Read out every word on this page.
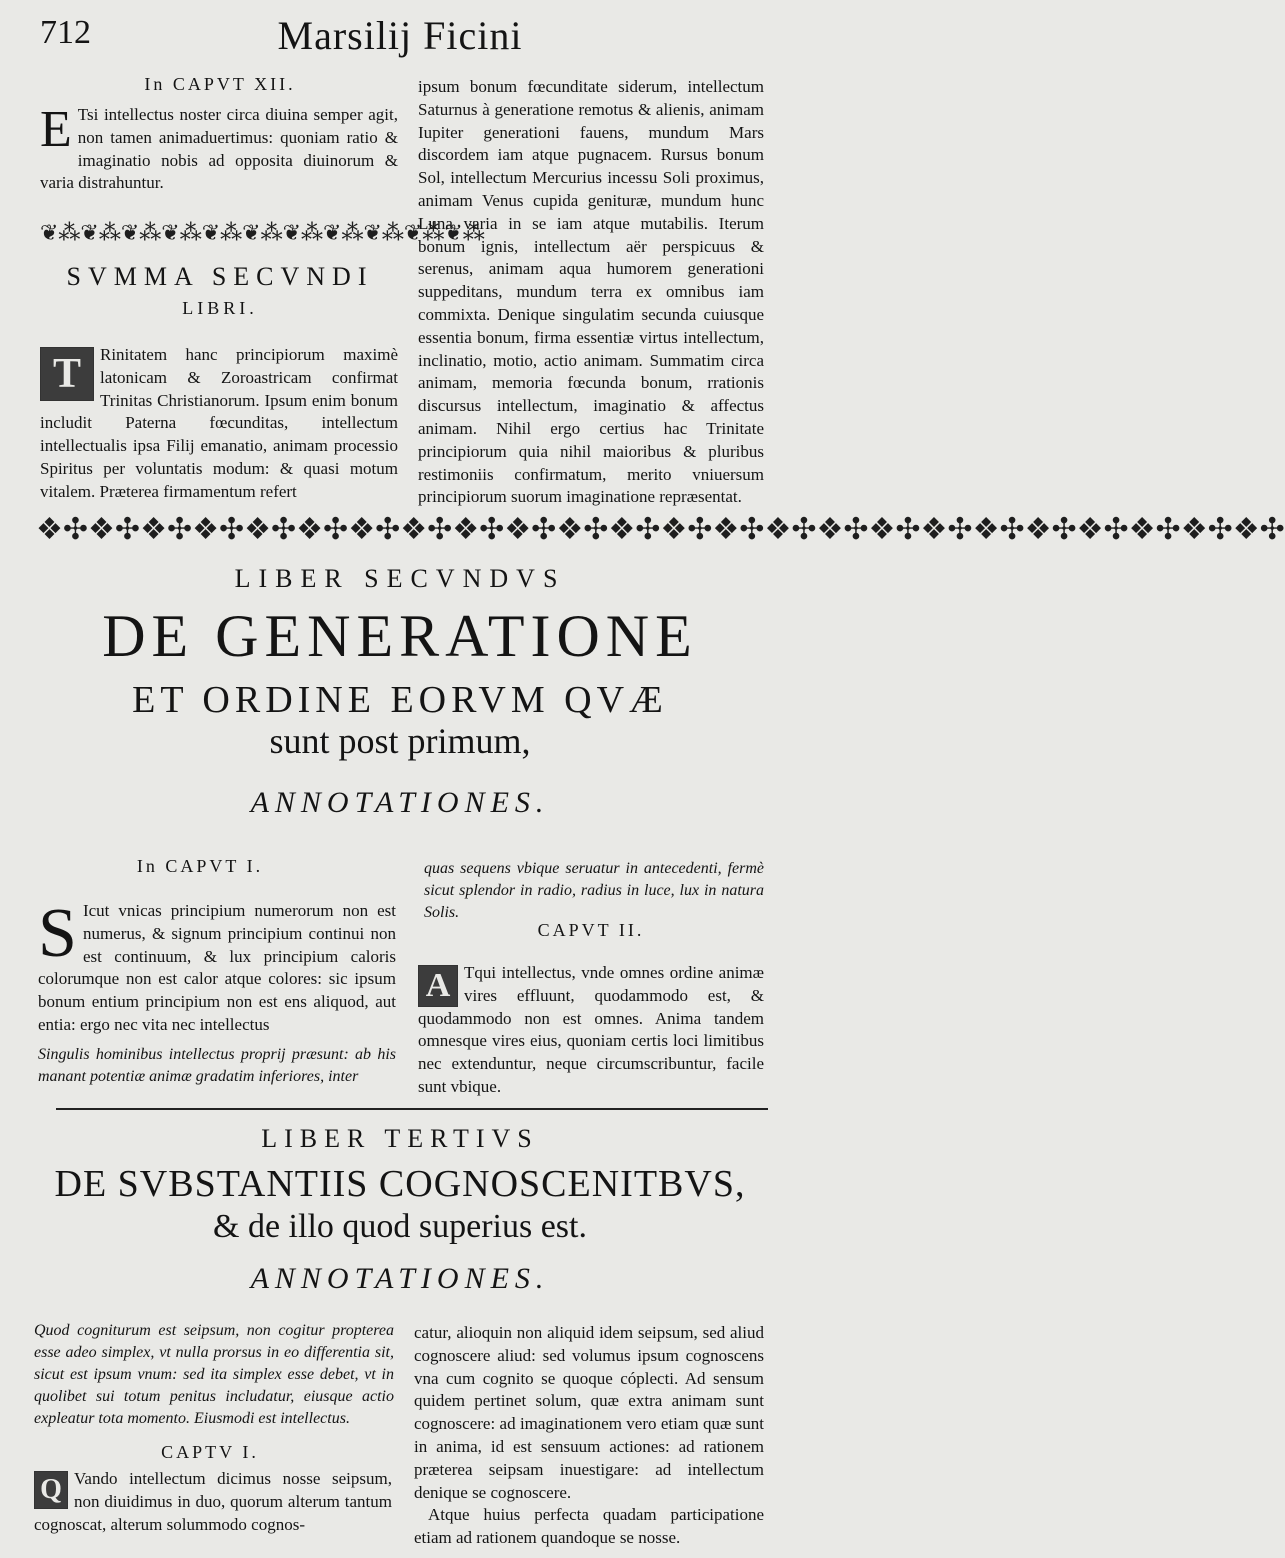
712	Marsilij Ficini
In CAPVT XII.
E Tsi intellectus noster circa diuina semper agit, non tamen animaduertimus: quoniam ratio & imaginatio nobis ad opposita diuinorum & varia distrahuntur.
❦⁂❦⁂❦⁂❦⁂❦⁂❦⁂❦⁂❦⁂❦⁂❦⁂❦⁂
SVMMA SECVNDI
LIBRI.
T	Rinitatem hanc principiorum maximè latonicam & Zoroastricam confirmat Trinitas Christianorum. Ipsum enim bonum includit Paterna fœcunditas, intellectum intellectualis ipsa Filij emanatio, animam processio Spiritus per voluntatis modum: & quasi motum vitalem. Præterea firmamentum refert
ipsum bonum fœcunditate siderum, intellectum Saturnus à generatione remotus & alienis, animam Iupiter generationi fauens, mundum Mars discordem iam atque pugnacem. Rursus bonum Sol, intellectum Mercurius incessu Soli proximus, animam Venus cupida genituræ, mundum hunc Luna varia in se iam atque mutabilis. Iterum bonum ignis, intellectum aër perspicuus & serenus, animam aqua humorem generationi suppeditans, mundum terra ex omnibus iam commixta. Denique singulatim secunda cuiusque essentia bonum, firma essentiæ virtus intellectum, inclinatio, motio, actio animam. Summatim circa animam, memoria fœcunda bonum, rrationis discursus intellectum, imaginatio & affectus animam. Nihil ergo certius hac Trinitate principiorum quia nihil maioribus & pluribus restimoniis confirmatum, merito vniuersum principiorum suorum imaginatione repræsentat.
❖✣❖✣❖✣❖✣❖✣❖✣❖✣❖✣❖✣❖✣❖✣❖✣❖✣❖✣❖✣❖✣❖✣❖✣❖✣❖✣❖✣❖✣❖✣❖✣
LIBER SECVNDVS
DE GENERATIONE
ET ORDINE EORVM QVÆ
sunt post primum,
ANNOTATIONES.
In CAPVT I.
S Icut vnicas principium numerorum non est numerus, & signum principium continui non est continuum, & lux principium caloris colorumque non est calor atque colores: sic ipsum bonum entium principium non est ens aliquod, aut entia: ergo nec vita nec intellectus
Singulis hominibus intellectus proprij præsunt: ab his manant potentiæ animæ gradatim inferiores, inter
quas sequens vbique seruatur in antecedenti, fermè sicut splendor in radio, radius in luce, lux in natura Solis.
CAPVT II.
A Tqui intellectus, vnde omnes ordine animæ vires effluunt, quodammodo est, & quodammodo non est omnes. Anima tandem omnesque vires eius, quoniam certis loci limitibus nec extenduntur, neque circumscribuntur, facile sunt vbique.
LIBER TERTIVS
DE SVBSTANTIIS COGNOSCENITBVS,
& de illo quod superius est.
ANNOTATIONES.
Quod cogniturum est seipsum, non cogitur propterea esse adeo simplex, vt nulla prorsus in eo differentia sit, sicut est ipsum vnum: sed ita simplex esse debet, vt in quolibet sui totum penitus includatur, eiusque actio expleatur tota momento. Eiusmodi est intellectus.
CAPTV I.
Q Vando intellectum dicimus nosse seipsum, non diuidimus in duo, quorum alterum tantum cognoscat, alterum solummodo cognos-

catur, alioquin non aliquid idem seipsum, sed aliud cognoscere aliud: sed volumus ipsum cognoscens vna cum cognito se quoque cóplecti. Ad sensum quidem pertinet solum, quæ extra animam sunt cognoscere: ad imaginationem vero etiam quæ sunt in anima, id est sensuum actiones: ad rationem præterea seipsam inuestigare: ad intellectum denique se cognoscere.

Atque huius perfecta quadam participatione etiam ad rationem quandoque se nosse.
